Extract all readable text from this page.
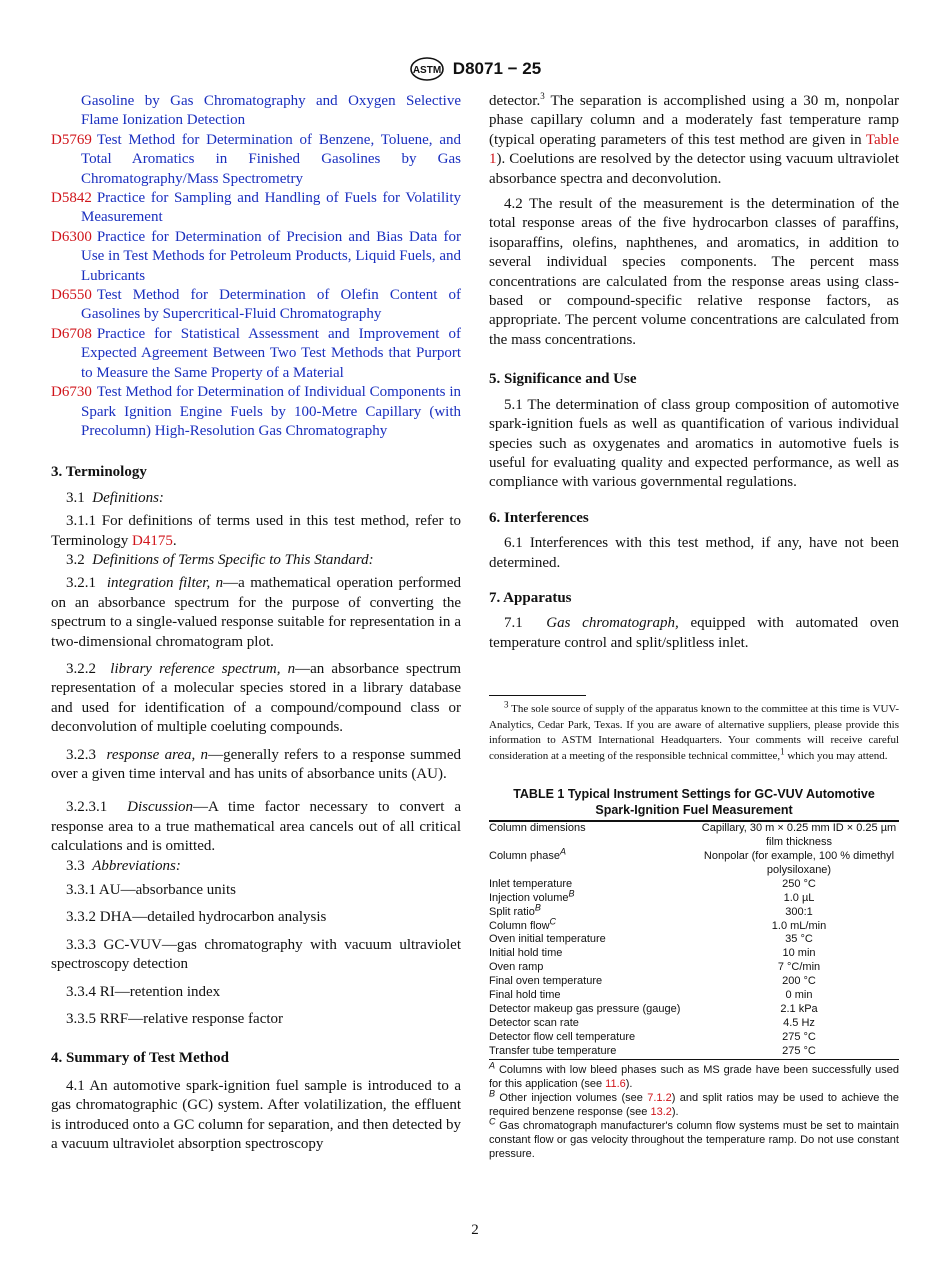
ASTM D8071 − 25
Gasoline by Gas Chromatography and Oxygen Selective Flame Ionization Detection
D5769 Test Method for Determination of Benzene, Toluene, and Total Aromatics in Finished Gasolines by Gas Chromatography/Mass Spectrometry
D5842 Practice for Sampling and Handling of Fuels for Volatility Measurement
D6300 Practice for Determination of Precision and Bias Data for Use in Test Methods for Petroleum Products, Liquid Fuels, and Lubricants
D6550 Test Method for Determination of Olefin Content of Gasolines by Supercritical-Fluid Chromatography
D6708 Practice for Statistical Assessment and Improvement of Expected Agreement Between Two Test Methods that Purport to Measure the Same Property of a Material
D6730 Test Method for Determination of Individual Components in Spark Ignition Engine Fuels by 100-Metre Capillary (with Precolumn) High-Resolution Gas Chromatography

3. Terminology

3.1 Definitions:

3.1.1 For definitions of terms used in this test method, refer to Terminology D4175.

3.2 Definitions of Terms Specific to This Standard:

3.2.1 integration filter, n—a mathematical operation performed on an absorbance spectrum for the purpose of converting the spectrum to a single-valued response suitable for representation in a two-dimensional chromatogram plot.

3.2.2 library reference spectrum, n—an absorbance spectrum representation of a molecular species stored in a library database and used for identification of a compound/compound class or deconvolution of multiple coeluting compounds.

3.2.3 response area, n—generally refers to a response summed over a given time interval and has units of absorbance units (AU).

3.2.3.1 Discussion—A time factor necessary to convert a response area to a true mathematical area cancels out of all critical calculations and is omitted.

3.3 Abbreviations:

3.3.1 AU—absorbance units

3.3.2 DHA—detailed hydrocarbon analysis

3.3.3 GC-VUV—gas chromatography with vacuum ultraviolet spectroscopy detection

3.3.4 RI—retention index

3.3.5 RRF—relative response factor

4. Summary of Test Method

4.1 An automotive spark-ignition fuel sample is introduced to a gas chromatographic (GC) system. After volatilization, the effluent is introduced onto a GC column for separation, and then detected by a vacuum ultraviolet absorption spectroscopy

detector.$^3$ The separation is accomplished using a 30 m, nonpolar phase capillary column and a moderately fast temperature ramp (typical operating parameters of this test method are given in Table 1). Coelutions are resolved by the detector using vacuum ultraviolet absorbance spectra and deconvolution.

4.2 The result of the measurement is the determination of the total response areas of the five hydrocarbon classes of paraffins, isoparaffins, olefins, naphthenes, and aromatics, in addition to several individual species components. The percent mass concentrations are calculated from the response areas using class-based or compound-specific relative response factors, as appropriate. The percent volume concentrations are calculated from the mass concentrations.

5. Significance and Use

5.1 The determination of class group composition of automotive spark-ignition fuels as well as quantification of various individual species such as oxygenates and aromatics in automotive fuels is useful for evaluating quality and expected performance, as well as compliance with various governmental regulations.

6. Interferences

6.1 Interferences with this test method, if any, have not been determined.

7. Apparatus

7.1 Gas chromatograph, equipped with automated oven temperature control and split/splitless inlet.

$^3$ The sole source of supply of the apparatus known to the committee at this time is VUV-Analytics, Cedar Park, Texas. If you are aware of alternative suppliers, please provide this information to ASTM International Headquarters. Your comments will receive careful consideration at a meeting of the responsible technical committee,$^1$ which you may attend.

TABLE 1 Typical Instrument Settings for GC-VUV Automotive
Spark-Ignition Fuel Measurement
Column dimensions	Capillary, 30 m × 0.25 mm ID × 0.25 µm film thickness
Column phase$^A$	Nonpolar (for example, 100 % dimethyl polysiloxane)
Inlet temperature	250 °C
Injection volume$^B$	1.0 µL
Split ratio$^B$	300:1
Column flow$^C$	1.0 mL/min
Oven initial temperature	35 °C
Initial hold time	10 min
Oven ramp	7 °C/min
Final oven temperature	200 °C
Final hold time	0 min
Detector makeup gas pressure (gauge)	2.1 kPa
Detector scan rate	4.5 Hz
Detector flow cell temperature	275 °C
Transfer tube temperature	275 °C
$^A$ Columns with low bleed phases such as MS grade have been successfully used for this application (see 11.6).
$^B$ Other injection volumes (see 7.1.2) and split ratios may be used to achieve the required benzene response (see 13.2).
$^C$ Gas chromatograph manufacturer's column flow systems must be set to maintain constant flow or gas velocity throughout the temperature ramp. Do not use constant pressure.
2
